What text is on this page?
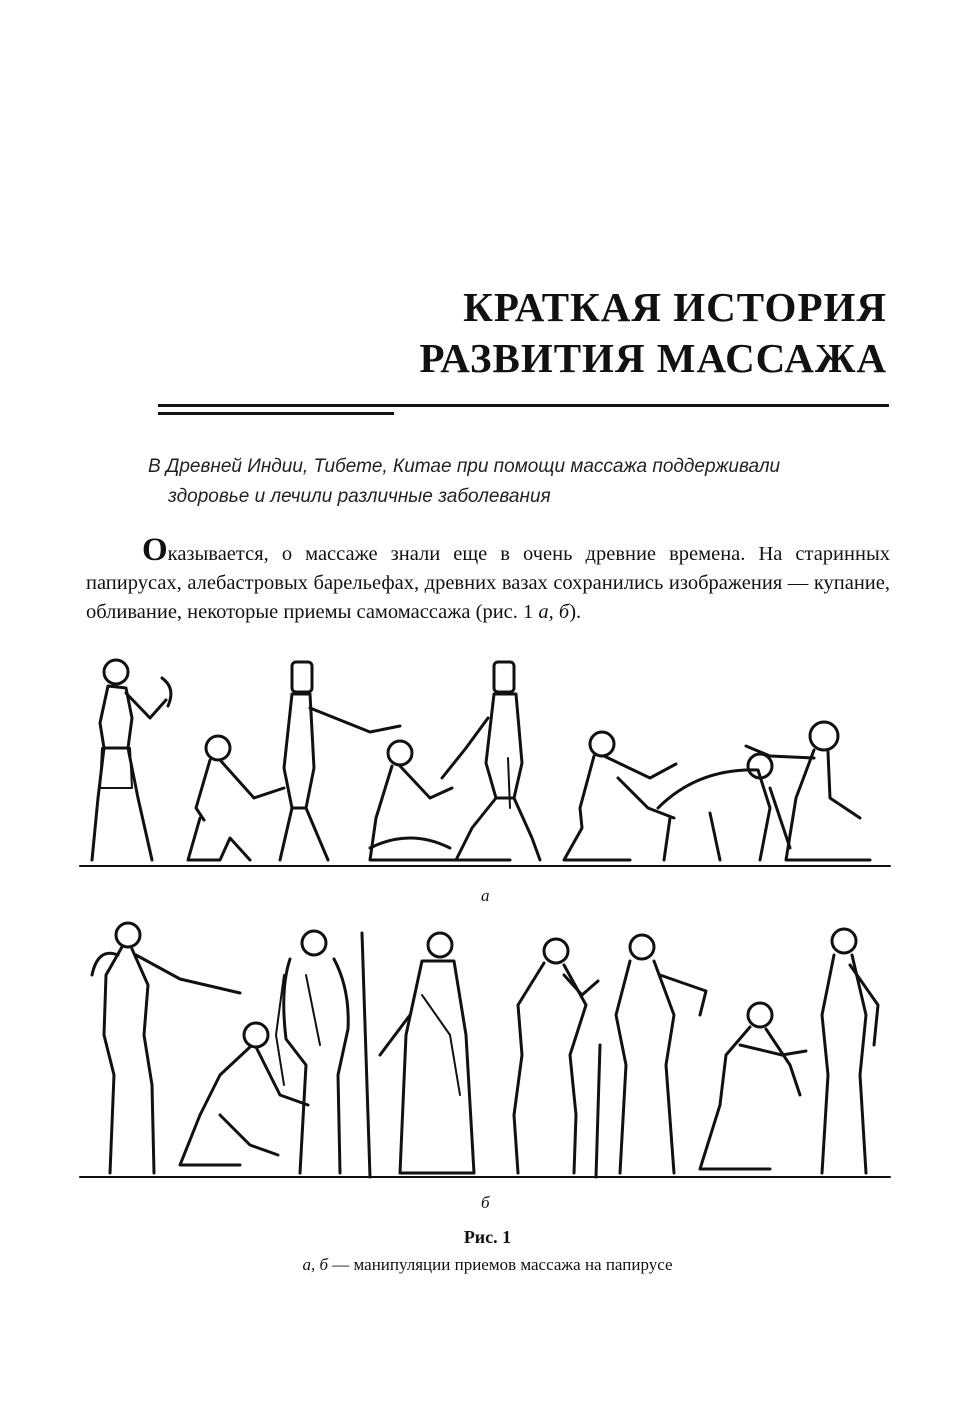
КРАТКАЯ ИСТОРИЯ
РАЗВИТИЯ МАССАЖА
В Древней Индии, Тибете, Китае при помощи массажа поддерживали
здоровье и лечили различные заболевания

Оказывается, о массаже знали еще в очень древние времена. На старинных папирусах, алебастровых барельефах, древних вазах сохранились изображения — купание, обливание, некоторые приемы самомассажа (рис. 1 а, б).

а
б
Рис. 1
а, б — манипуляции приемов массажа на папирусе
